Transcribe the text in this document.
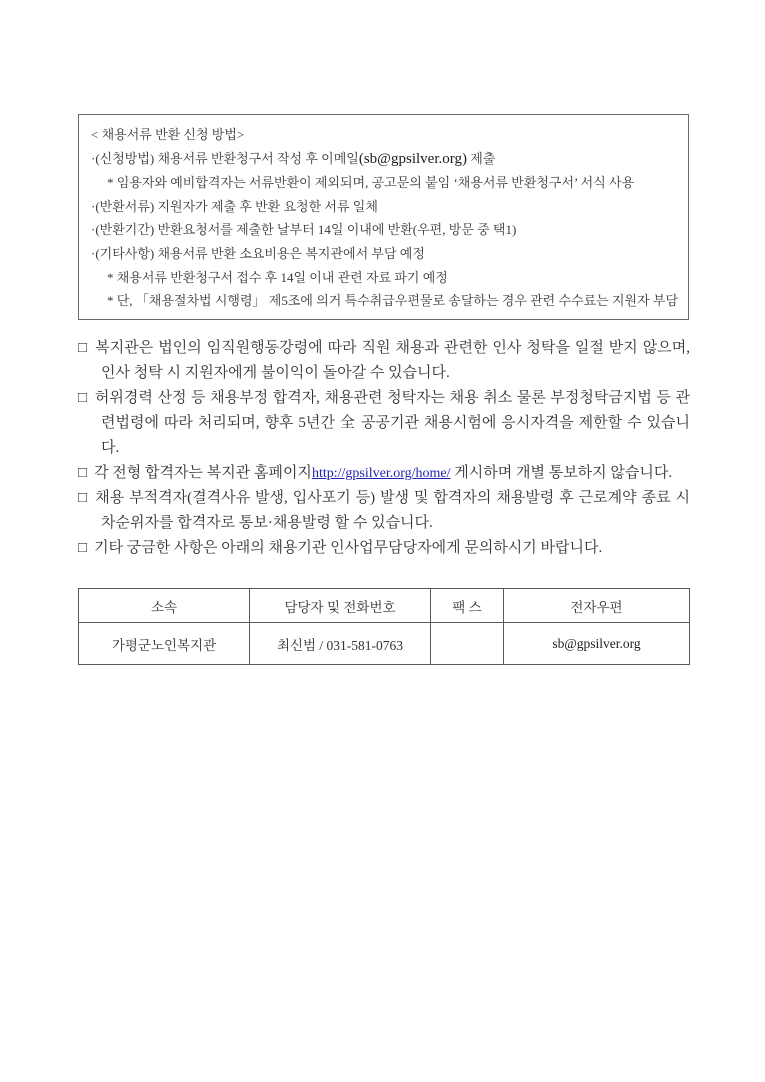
< 채용서류 반환 신청 방법>
·(신청방법) 채용서류 반환청구서 작성 후 이메일(sb@gpsilver.org) 제출
* 임용자와 예비합격자는 서류반환이 제외되며, 공고문의 붙임 ‘채용서류 반환청구서’ 서식 사용
·(반환서류) 지원자가 제출 후 반환 요청한 서류 일체
·(반환기간) 반환요청서를 제출한 날부터 14일 이내에 반환(우편, 방문 중 택1)
·(기타사항) 채용서류 반환 소요비용은 복지관에서 부담 예정
* 채용서류 반환청구서 접수 후 14일 이내 관련 자료 파기 예정
* 단, 「채용절차법 시행령」 제5조에 의거 특수취급우편물로 송달하는 경우 관련 수수료는 지원자 부담

□ 복지관은 법인의 임직원행동강령에 따라 직원 채용과 관련한 인사 청탁을 일절 받지 않으며, 인사 청탁 시 지원자에게 불이익이 돌아갈 수 있습니다.

□ 허위경력 산정 등 채용부정 합격자, 채용관련 청탁자는 채용 취소 물론 부정청탁금지법 등 관련법령에 따라 처리되며, 향후 5년간 全 공공기관 채용시험에 응시자격을 제한할 수 있습니다.

□ 각 전형 합격자는 복지관 홈페이지http://gpsilver.org/home/ 게시하며 개별 통보하지 않습니다.

□ 채용 부적격자(결격사유 발생, 입사포기 등) 발생 및 합격자의 채용발령 후 근로계약 종료 시 차순위자를 합격자로 통보·채용발령 할 수 있습니다.

□ 기타 궁금한 사항은 아래의 채용기관 인사업무담당자에게 문의하시기 바랍니다.

소속	담당자 및 전화번호	팩 스	전자우편
가평군노인복지관	최신범 / 031-581-0763		sb@gpsilver.org
